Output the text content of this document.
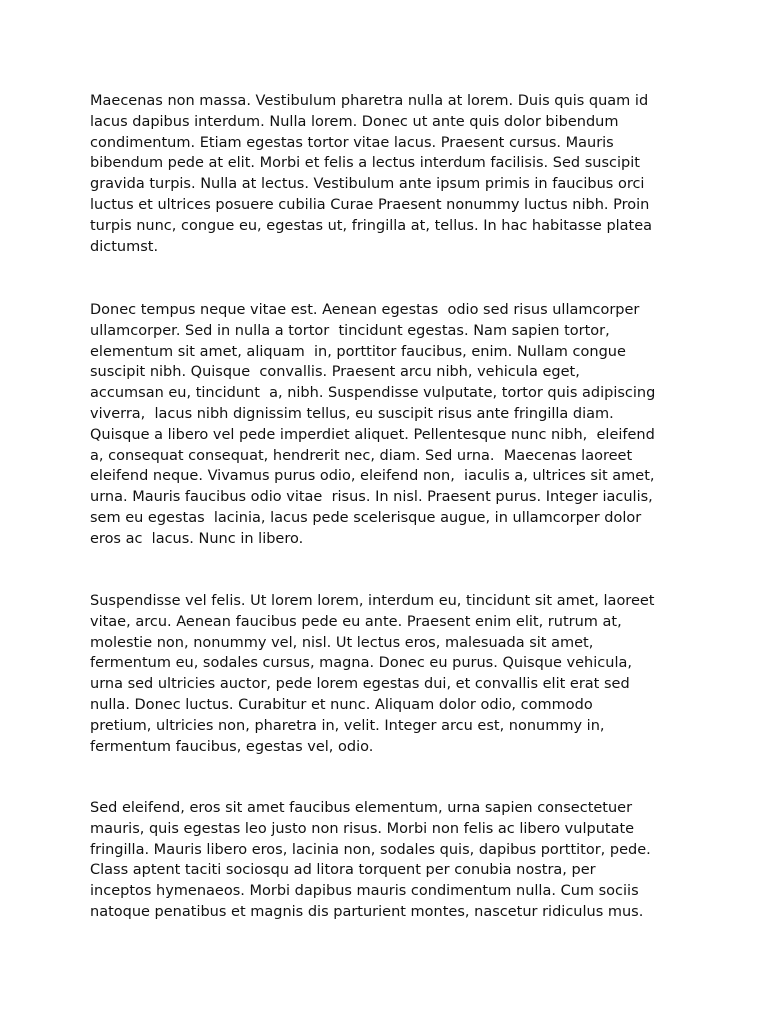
Maecenas non massa. Vestibulum pharetra nulla at lorem. Duis quis quam id
lacus dapibus interdum. Nulla lorem. Donec ut ante quis dolor bibendum
condimentum. Etiam egestas tortor vitae lacus. Praesent cursus. Mauris
bibendum pede at elit. Morbi et felis a lectus interdum facilisis. Sed suscipit
gravida turpis. Nulla at lectus. Vestibulum ante ipsum primis in faucibus orci
luctus et ultrices posuere cubilia Curae Praesent nonummy luctus nibh. Proin
turpis nunc, congue eu, egestas ut, fringilla at, tellus. In hac habitasse platea
dictumst.

Donec tempus neque vitae est. Aenean egestas  odio sed risus ullamcorper
ullamcorper. Sed in nulla a tortor  tincidunt egestas. Nam sapien tortor,
elementum sit amet, aliquam  in, porttitor faucibus, enim. Nullam congue
suscipit nibh. Quisque  convallis. Praesent arcu nibh, vehicula eget,
accumsan eu, tincidunt  a, nibh. Suspendisse vulputate, tortor quis adipiscing
viverra,  lacus nibh dignissim tellus, eu suscipit risus ante fringilla diam.
Quisque a libero vel pede imperdiet aliquet. Pellentesque nunc nibh,  eleifend
a, consequat consequat, hendrerit nec, diam. Sed urna.  Maecenas laoreet
eleifend neque. Vivamus purus odio, eleifend non,  iaculis a, ultrices sit amet,
urna. Mauris faucibus odio vitae  risus. In nisl. Praesent purus. Integer iaculis,
sem eu egestas  lacinia, lacus pede scelerisque augue, in ullamcorper dolor
eros ac  lacus. Nunc in libero.

Suspendisse vel felis. Ut lorem lorem, interdum eu, tincidunt sit amet, laoreet
vitae, arcu. Aenean faucibus pede eu ante. Praesent enim elit, rutrum at,
molestie non, nonummy vel, nisl. Ut lectus eros, malesuada sit amet,
fermentum eu, sodales cursus, magna. Donec eu purus. Quisque vehicula,
urna sed ultricies auctor, pede lorem egestas dui, et convallis elit erat sed
nulla. Donec luctus. Curabitur et nunc. Aliquam dolor odio, commodo
pretium, ultricies non, pharetra in, velit. Integer arcu est, nonummy in,
fermentum faucibus, egestas vel, odio.

Sed eleifend, eros sit amet faucibus elementum, urna sapien consectetuer
mauris, quis egestas leo justo non risus. Morbi non felis ac libero vulputate
fringilla. Mauris libero eros, lacinia non, sodales quis, dapibus porttitor, pede.
Class aptent taciti sociosqu ad litora torquent per conubia nostra, per
inceptos hymenaeos. Morbi dapibus mauris condimentum nulla. Cum sociis
natoque penatibus et magnis dis parturient montes, nascetur ridiculus mus.
